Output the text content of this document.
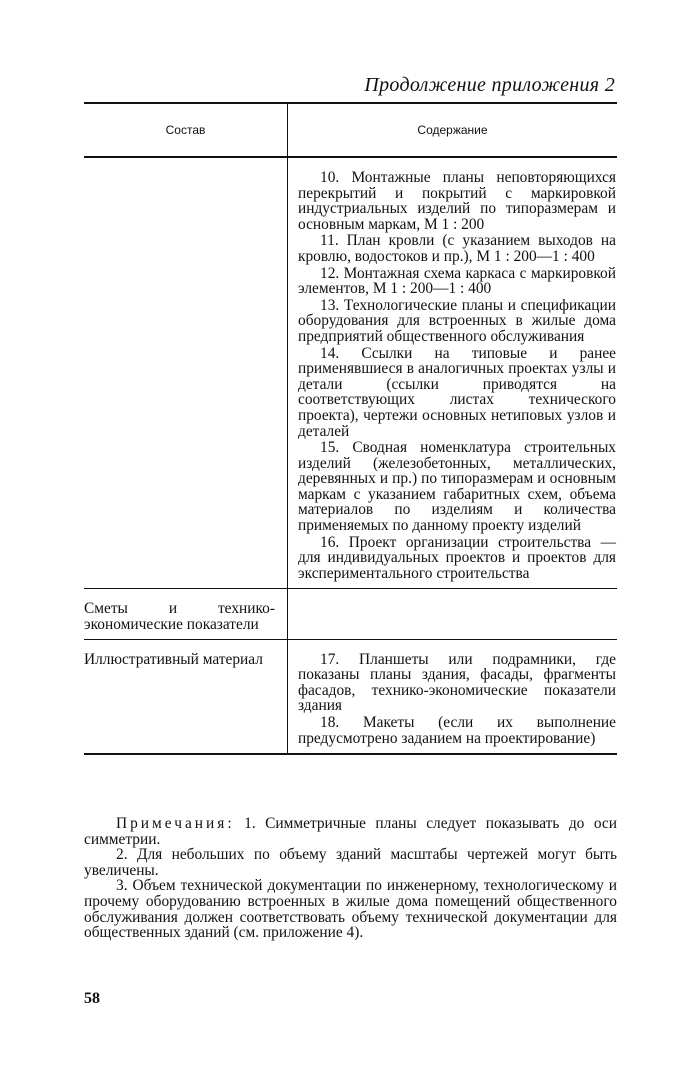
Продолжение приложения 2
Состав	Содержание

10. Монтажные планы неповторяющихся перекрытий и покрытий с маркировкой индустриальных изделий по типоразмерам и основным маркам, М 1 : 200

11. План кровли (с указанием выходов на кровлю, водостоков и пр.), М 1 : 200—1 : 400

12. Монтажная схема каркаса с маркировкой элементов, М 1 : 200—1 : 400

13. Технологические планы и спецификации оборудования для встроенных в жилые дома предприятий общественного обслуживания

14. Ссылки на типовые и ранее применявшиеся в аналогичных проектах узлы и детали (ссылки приводятся на соответствующих листах технического проекта), чертежи основных нетиповых узлов и деталей

15. Сводная номенклатура строительных изделий (железобетонных, металлических, деревянных и пр.) по типоразмерам и основным маркам с указанием габаритных схем, объема материалов по изделиям и количества применяемых по данному проекту изделий

16. Проект организации строительства — для индивидуальных проектов и проектов для экспериментального строительства

Сметы и технико-экономические показатели
Иллюстративный материал	17. Планшеты или подрамники, где показаны планы здания, фасады, фрагменты фасадов, технико-экономические показатели здания

18. Макеты (если их выполнение предусмотрено заданием на проектирование)

Примечания: 1. Симметричные планы следует показывать до оси симметрии.

2. Для небольших по объему зданий масштабы чертежей могут быть увеличены.

3. Объем технической документации по инженерному, технологическому и прочему оборудованию встроенных в жилые дома помещений общественного обслуживания должен соответствовать объему технической документации для общественных зданий (см. приложение 4).

58
